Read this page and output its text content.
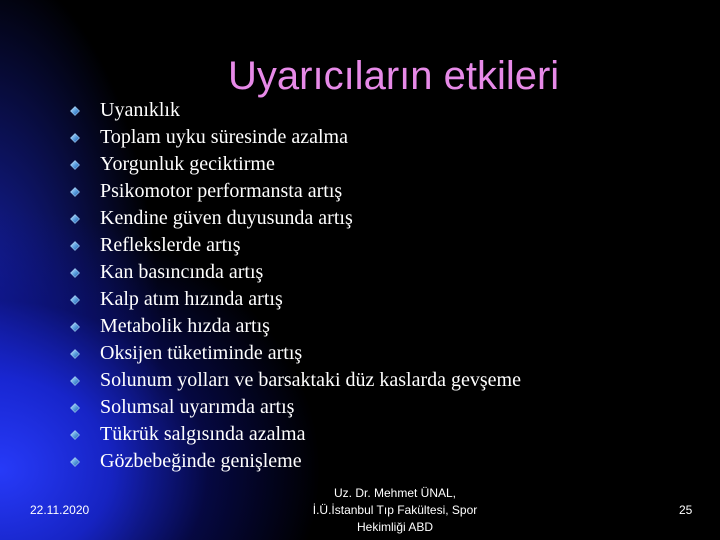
Uyarıcıların etkileri
Uyanıklık
Toplam uyku süresinde azalma
Yorgunluk geciktirme
Psikomotor performansta artış
Kendine güven duyusunda artış
Reflekslerde artış
Kan basıncında artış
Kalp atım hızında artış
Metabolik hızda artış
Oksijen tüketiminde artış
Solunum yolları ve barsaktaki düz kaslarda gevşeme
Solumsal uyarımda artış
Tükrük salgısında azalma
Gözbebeğinde genişleme
22.11.2020
Uz. Dr. Mehmet ÜNAL,
İ.Ü.İstanbul Tıp Fakültesi, Spor
Hekimliği ABD
25
